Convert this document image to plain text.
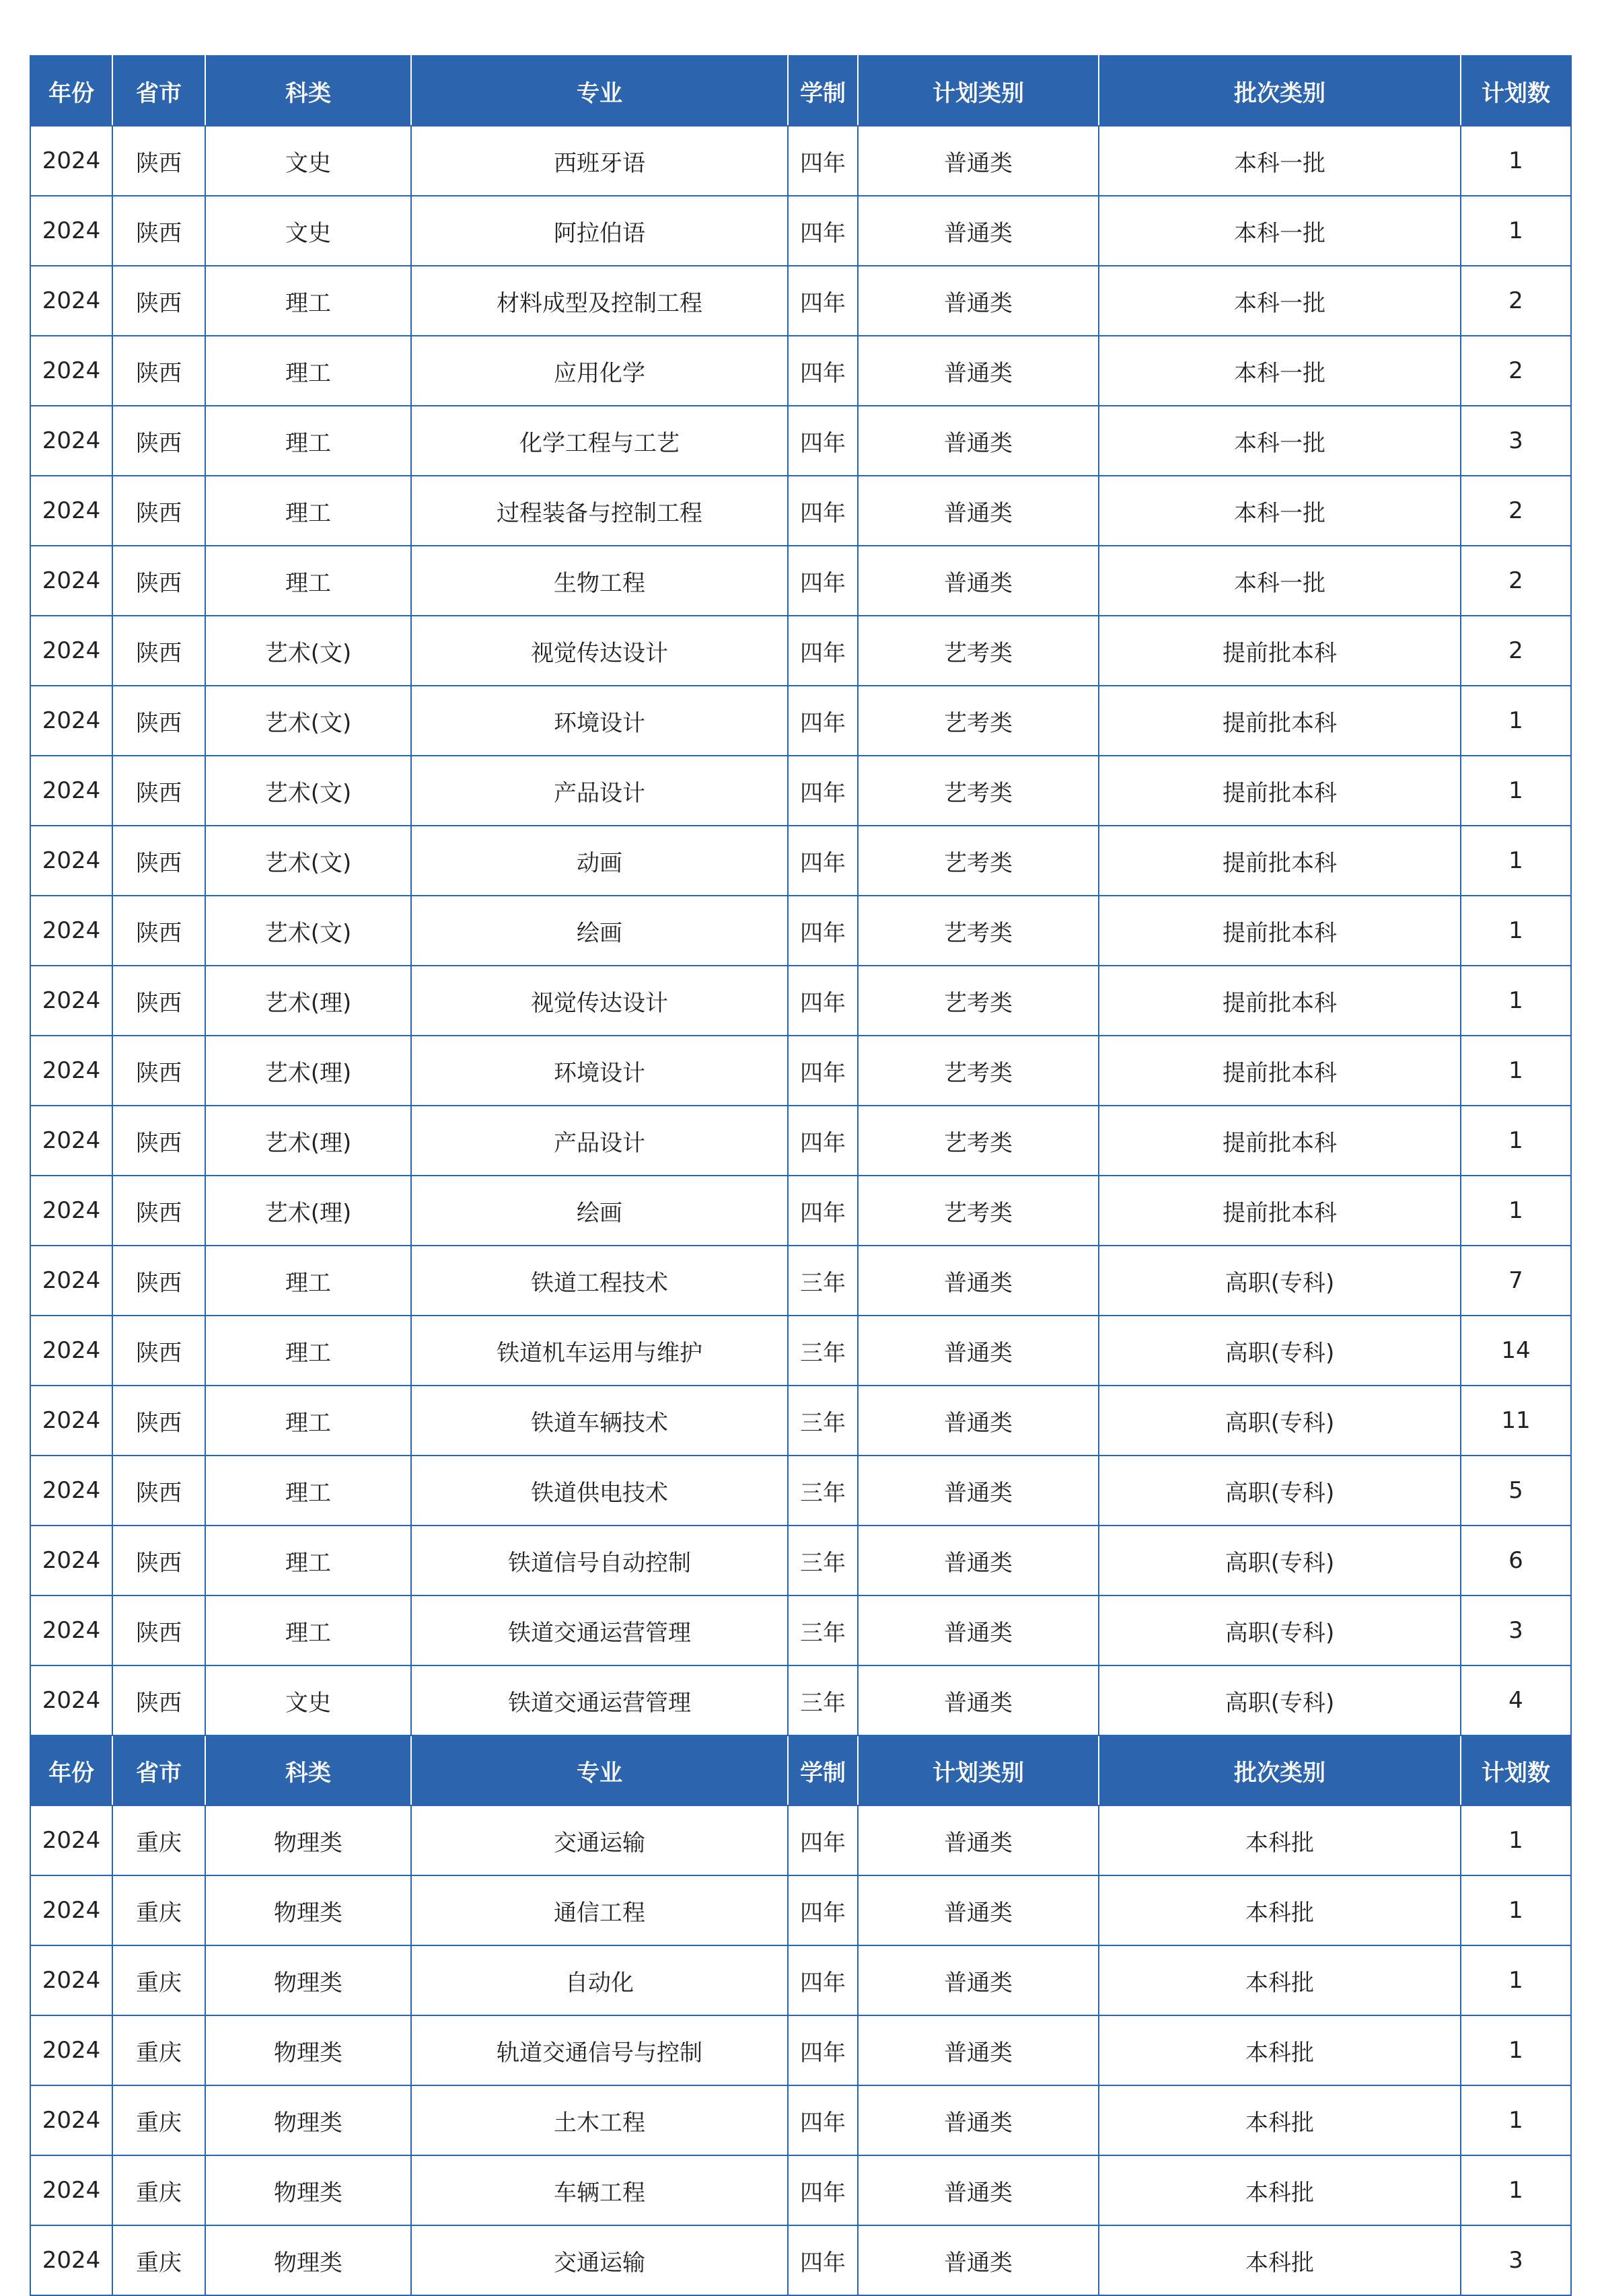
年份	省市	科类	专业	学制	计划类别	批次类别	计划数
2024	陕西	文史	西班牙语	四年	普通类	本科一批	1
2024	陕西	文史	阿拉伯语	四年	普通类	本科一批	1
2024	陕西	理工	材料成型及控制工程	四年	普通类	本科一批	2
2024	陕西	理工	应用化学	四年	普通类	本科一批	2
2024	陕西	理工	化学工程与工艺	四年	普通类	本科一批	3
2024	陕西	理工	过程装备与控制工程	四年	普通类	本科一批	2
2024	陕西	理工	生物工程	四年	普通类	本科一批	2
2024	陕西	艺术(文)	视觉传达设计	四年	艺考类	提前批本科	2
2024	陕西	艺术(文)	环境设计	四年	艺考类	提前批本科	1
2024	陕西	艺术(文)	产品设计	四年	艺考类	提前批本科	1
2024	陕西	艺术(文)	动画	四年	艺考类	提前批本科	1
2024	陕西	艺术(文)	绘画	四年	艺考类	提前批本科	1
2024	陕西	艺术(理)	视觉传达设计	四年	艺考类	提前批本科	1
2024	陕西	艺术(理)	环境设计	四年	艺考类	提前批本科	1
2024	陕西	艺术(理)	产品设计	四年	艺考类	提前批本科	1
2024	陕西	艺术(理)	绘画	四年	艺考类	提前批本科	1
2024	陕西	理工	铁道工程技术	三年	普通类	高职(专科)	7
2024	陕西	理工	铁道机车运用与维护	三年	普通类	高职(专科)	14
2024	陕西	理工	铁道车辆技术	三年	普通类	高职(专科)	11
2024	陕西	理工	铁道供电技术	三年	普通类	高职(专科)	5
2024	陕西	理工	铁道信号自动控制	三年	普通类	高职(专科)	6
2024	陕西	理工	铁道交通运营管理	三年	普通类	高职(专科)	3
2024	陕西	文史	铁道交通运营管理	三年	普通类	高职(专科)	4
年份	省市	科类	专业	学制	计划类别	批次类别	计划数
2024	重庆	物理类	交通运输	四年	普通类	本科批	1
2024	重庆	物理类	通信工程	四年	普通类	本科批	1
2024	重庆	物理类	自动化	四年	普通类	本科批	1
2024	重庆	物理类	轨道交通信号与控制	四年	普通类	本科批	1
2024	重庆	物理类	土木工程	四年	普通类	本科批	1
2024	重庆	物理类	车辆工程	四年	普通类	本科批	1
2024	重庆	物理类	交通运输	四年	普通类	本科批	3
